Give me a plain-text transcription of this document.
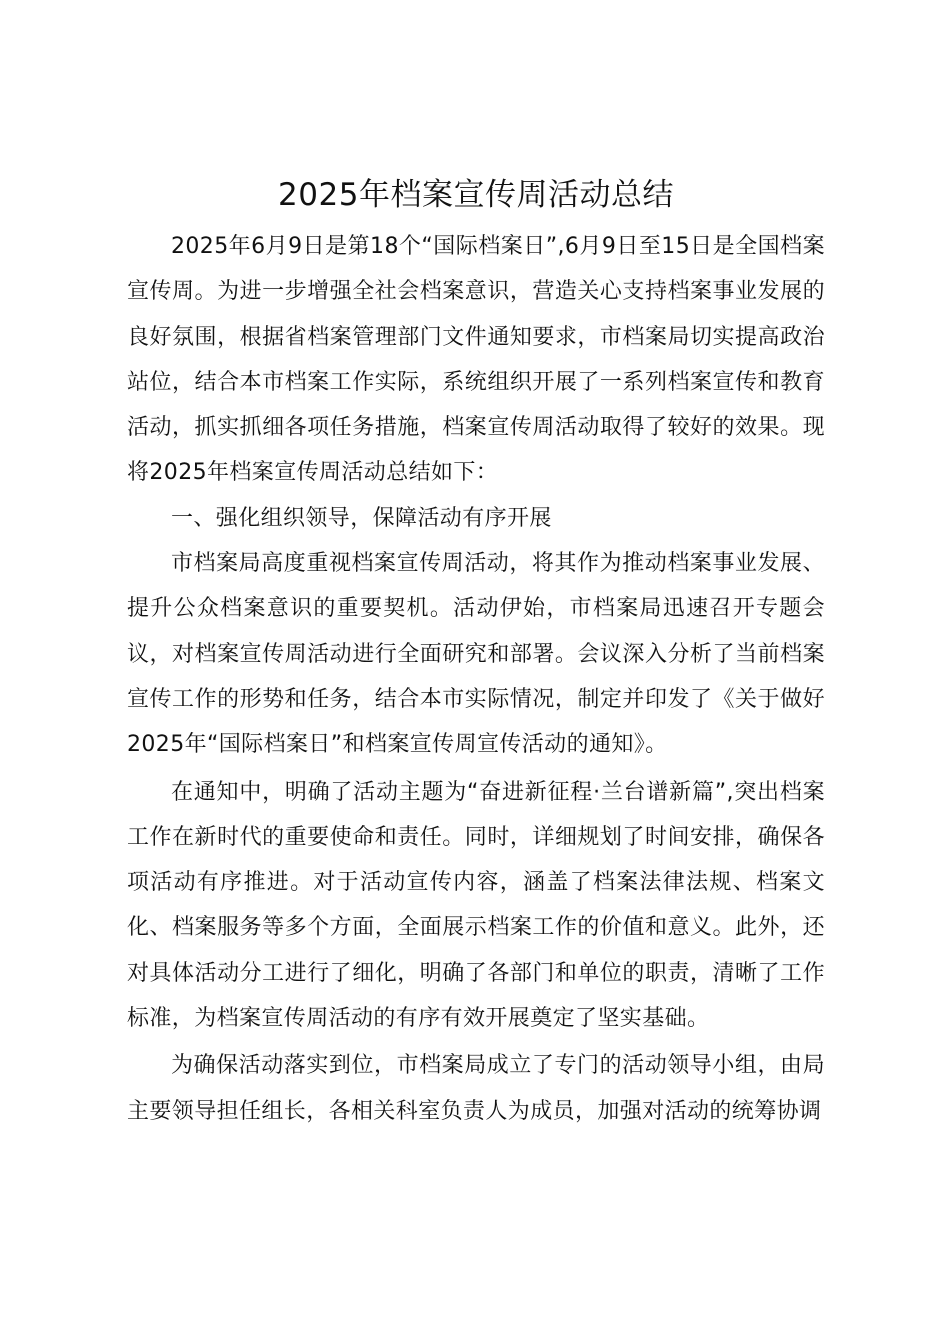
2025年档案宣传周活动总结

2025年6月9日是第18个“国际档案日”,6月9日至15日是全国档案宣传周。为进一步增强全社会档案意识，营造关心支持档案事业发展的良好氛围，根据省档案管理部门文件通知要求，市档案局切实提高政治站位，结合本市档案工作实际，系统组织开展了一系列档案宣传和教育活动，抓实抓细各项任务措施，档案宣传周活动取得了较好的效果。现将2025年档案宣传周活动总结如下：

一、强化组织领导，保障活动有序开展

市档案局高度重视档案宣传周活动，将其作为推动档案事业发展、提升公众档案意识的重要契机。活动伊始，市档案局迅速召开专题会议，对档案宣传周活动进行全面研究和部署。会议深入分析了当前档案宣传工作的形势和任务，结合本市实际情况，制定并印发了《关于做好2025年“国际档案日”和档案宣传周宣传活动的通知》。

在通知中，明确了活动主题为“奋进新征程·兰台谱新篇”,突出档案工作在新时代的重要使命和责任。同时，详细规划了时间安排，确保各项活动有序推进。对于活动宣传内容，涵盖了档案法律法规、档案文化、档案服务等多个方面，全面展示档案工作的价值和意义。此外，还对具体活动分工进行了细化，明确了各部门和单位的职责，清晰了工作标准，为档案宣传周活动的有序有效开展奠定了坚实基础。

为确保活动落实到位，市档案局成立了专门的活动领导小组，由局主要领导担任组长，各相关科室负责人为成员，加强对活动的统筹协调
